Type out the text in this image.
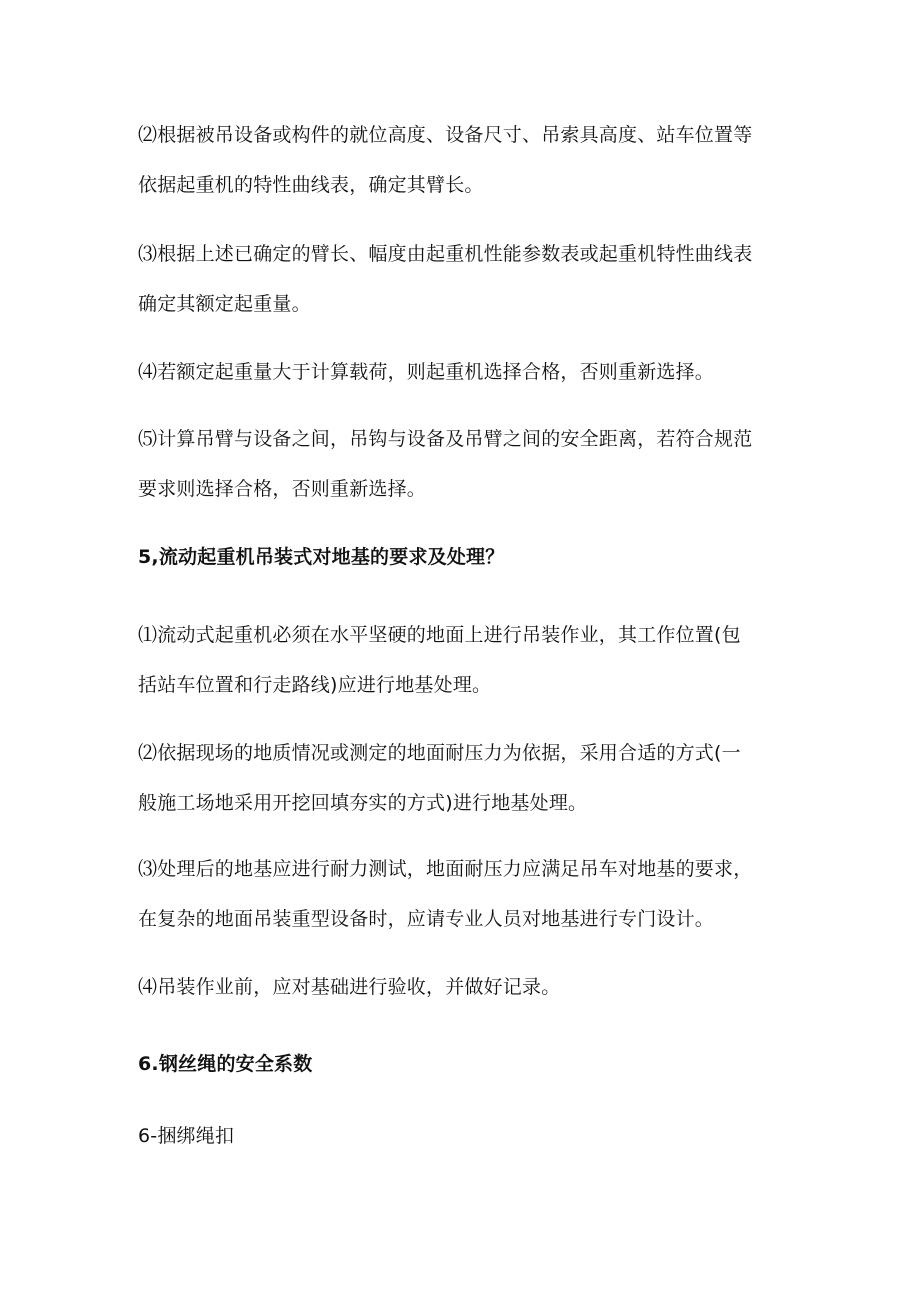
⑵根据被吊设备或构件的就位高度、设备尺寸、吊索具高度、站车位置等
依据起重机的特性曲线表，确定其臂长。

⑶根据上述已确定的臂长、幅度由起重机性能参数表或起重机特性曲线表
确定其额定起重量。

⑷若额定起重量大于计算载荷，则起重机选择合格，否则重新选择。

⑸计算吊臂与设备之间，吊钩与设备及吊臂之间的安全距离，若符合规范
要求则选择合格，否则重新选择。

5,流动起重机吊装式对地基的要求及处理？

⑴流动式起重机必须在水平坚硬的地面上进行吊装作业，其工作位置(包
括站车位置和行走路线)应进行地基处理。

⑵依据现场的地质情况或测定的地面耐压力为依据，采用合适的方式(一
般施工场地采用开挖回填夯实的方式)进行地基处理。

⑶处理后的地基应进行耐力测试，地面耐压力应满足吊车对地基的要求，
在复杂的地面吊装重型设备时，应请专业人员对地基进行专门设计。

⑷吊装作业前，应对基础进行验收，并做好记录。

6.钢丝绳的安全系数

6-捆绑绳扣
